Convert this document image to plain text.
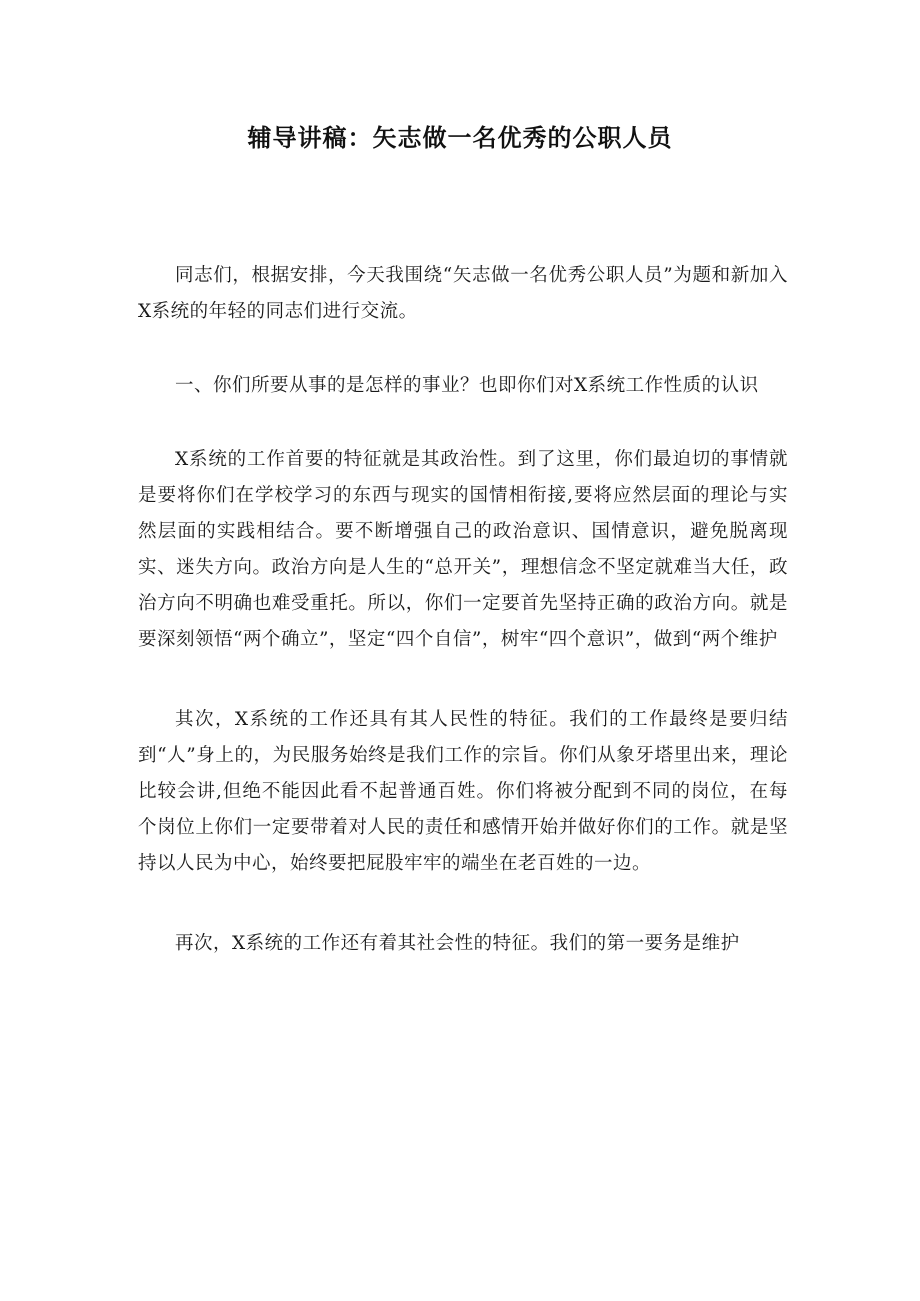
辅导讲稿：矢志做一名优秀的公职人员

同志们，根据安排，今天我围绕“矢志做一名优秀公职人员”为题和新加入X系统的年轻的同志们进行交流。

一、你们所要从事的是怎样的事业？也即你们对X系统工作性质的认识

X系统的工作首要的特征就是其政治性。到了这里，你们最迫切的事情就是要将你们在学校学习的东西与现实的国情相衔接,要将应然层面的理论与实然层面的实践相结合。要不断增强自己的政治意识、国情意识，避免脱离现实、迷失方向。政治方向是人生的“总开关”，理想信念不坚定就难当大任，政治方向不明确也难受重托。所以，你们一定要首先坚持正确的政治方向。就是要深刻领悟“两个确立”，坚定“四个自信”，树牢“四个意识”，做到“两个维护

其次，X系统的工作还具有其人民性的特征。我们的工作最终是要归结到“人”身上的，为民服务始终是我们工作的宗旨。你们从象牙塔里出来，理论比较会讲,但绝不能因此看不起普通百姓。你们将被分配到不同的岗位，在每个岗位上你们一定要带着对人民的责任和感情开始并做好你们的工作。就是坚持以人民为中心，始终要把屁股牢牢的端坐在老百姓的一边。

再次，X系统的工作还有着其社会性的特征。我们的第一要务是维护
